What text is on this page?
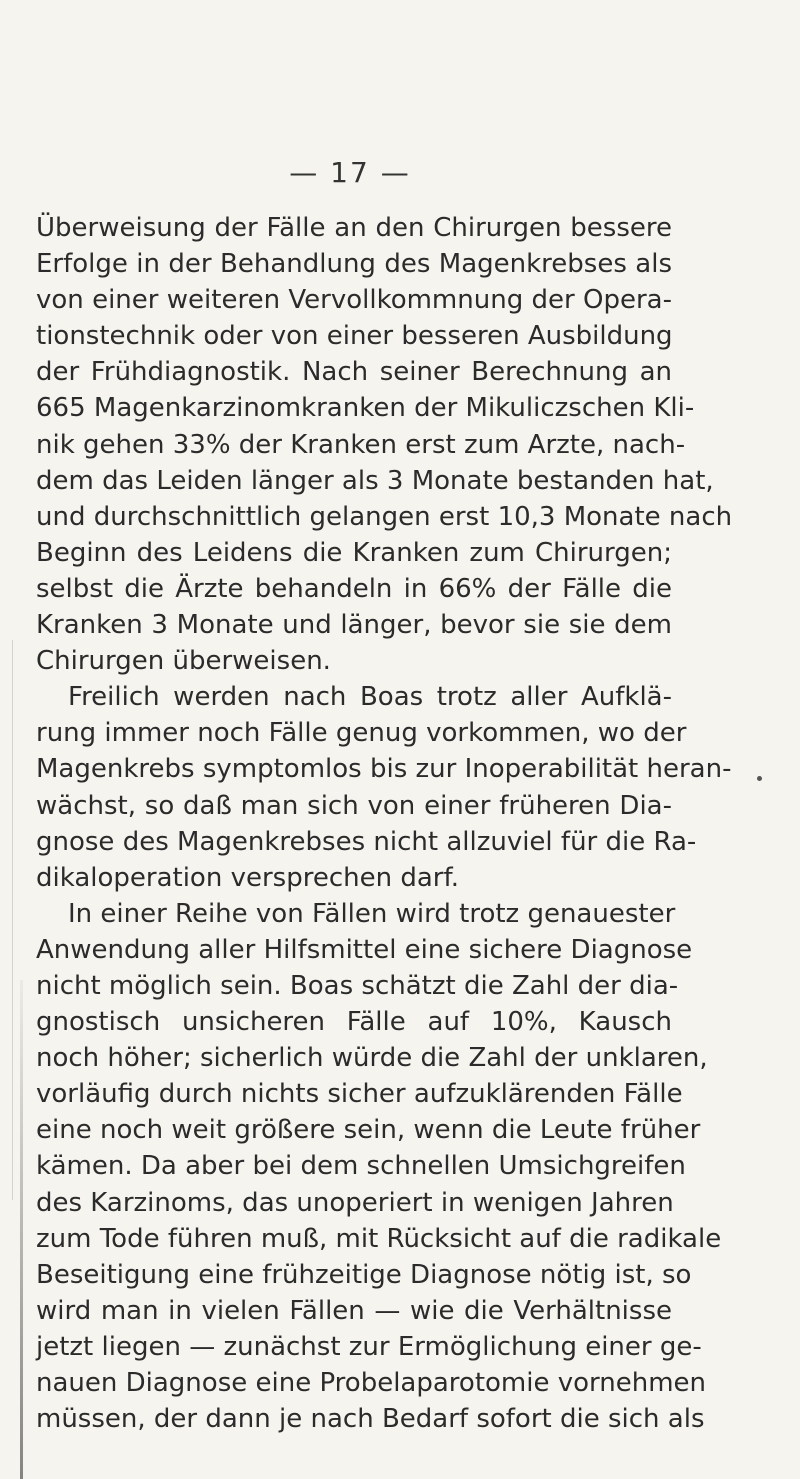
— 17 —
Überweisung der Fälle an den Chirurgen bessere
Erfolge in der Behandlung des Magenkrebses als
von einer weiteren Vervollkommnung der Opera-
tionstechnik oder von einer besseren Ausbildung
der Frühdiagnostik. Nach seiner Berechnung an
665 Magenkarzinomkranken der Mikuliczschen Kli-
nik gehen 33% der Kranken erst zum Arzte, nach-
dem das Leiden länger als 3 Monate bestanden hat,
und durchschnittlich gelangen erst 10,3 Monate nach
Beginn des Leidens die Kranken zum Chirurgen;
selbst die Ärzte behandeln in 66% der Fälle die
Kranken 3 Monate und länger, bevor sie sie dem
Chirurgen überweisen.
Freilich werden nach Boas trotz aller Aufklä-
rung immer noch Fälle genug vorkommen, wo der
Magenkrebs symptomlos bis zur Inoperabilität heran-
wächst, so daß man sich von einer früheren Dia-
gnose des Magenkrebses nicht allzuviel für die Ra-
dikaloperation versprechen darf.
In einer Reihe von Fällen wird trotz genauester
Anwendung aller Hilfsmittel eine sichere Diagnose
nicht möglich sein. Boas schätzt die Zahl der dia-
gnostisch unsicheren Fälle auf 10%, Kausch
noch höher; sicherlich würde die Zahl der unklaren,
vorläufig durch nichts sicher aufzuklärenden Fälle
eine noch weit größere sein, wenn die Leute früher
kämen. Da aber bei dem schnellen Umsichgreifen
des Karzinoms, das unoperiert in wenigen Jahren
zum Tode führen muß, mit Rücksicht auf die radikale
Beseitigung eine frühzeitige Diagnose nötig ist, so
wird man in vielen Fällen — wie die Verhältnisse
jetzt liegen — zunächst zur Ermöglichung einer ge-
nauen Diagnose eine Probelaparotomie vornehmen
müssen, der dann je nach Bedarf sofort die sich als
